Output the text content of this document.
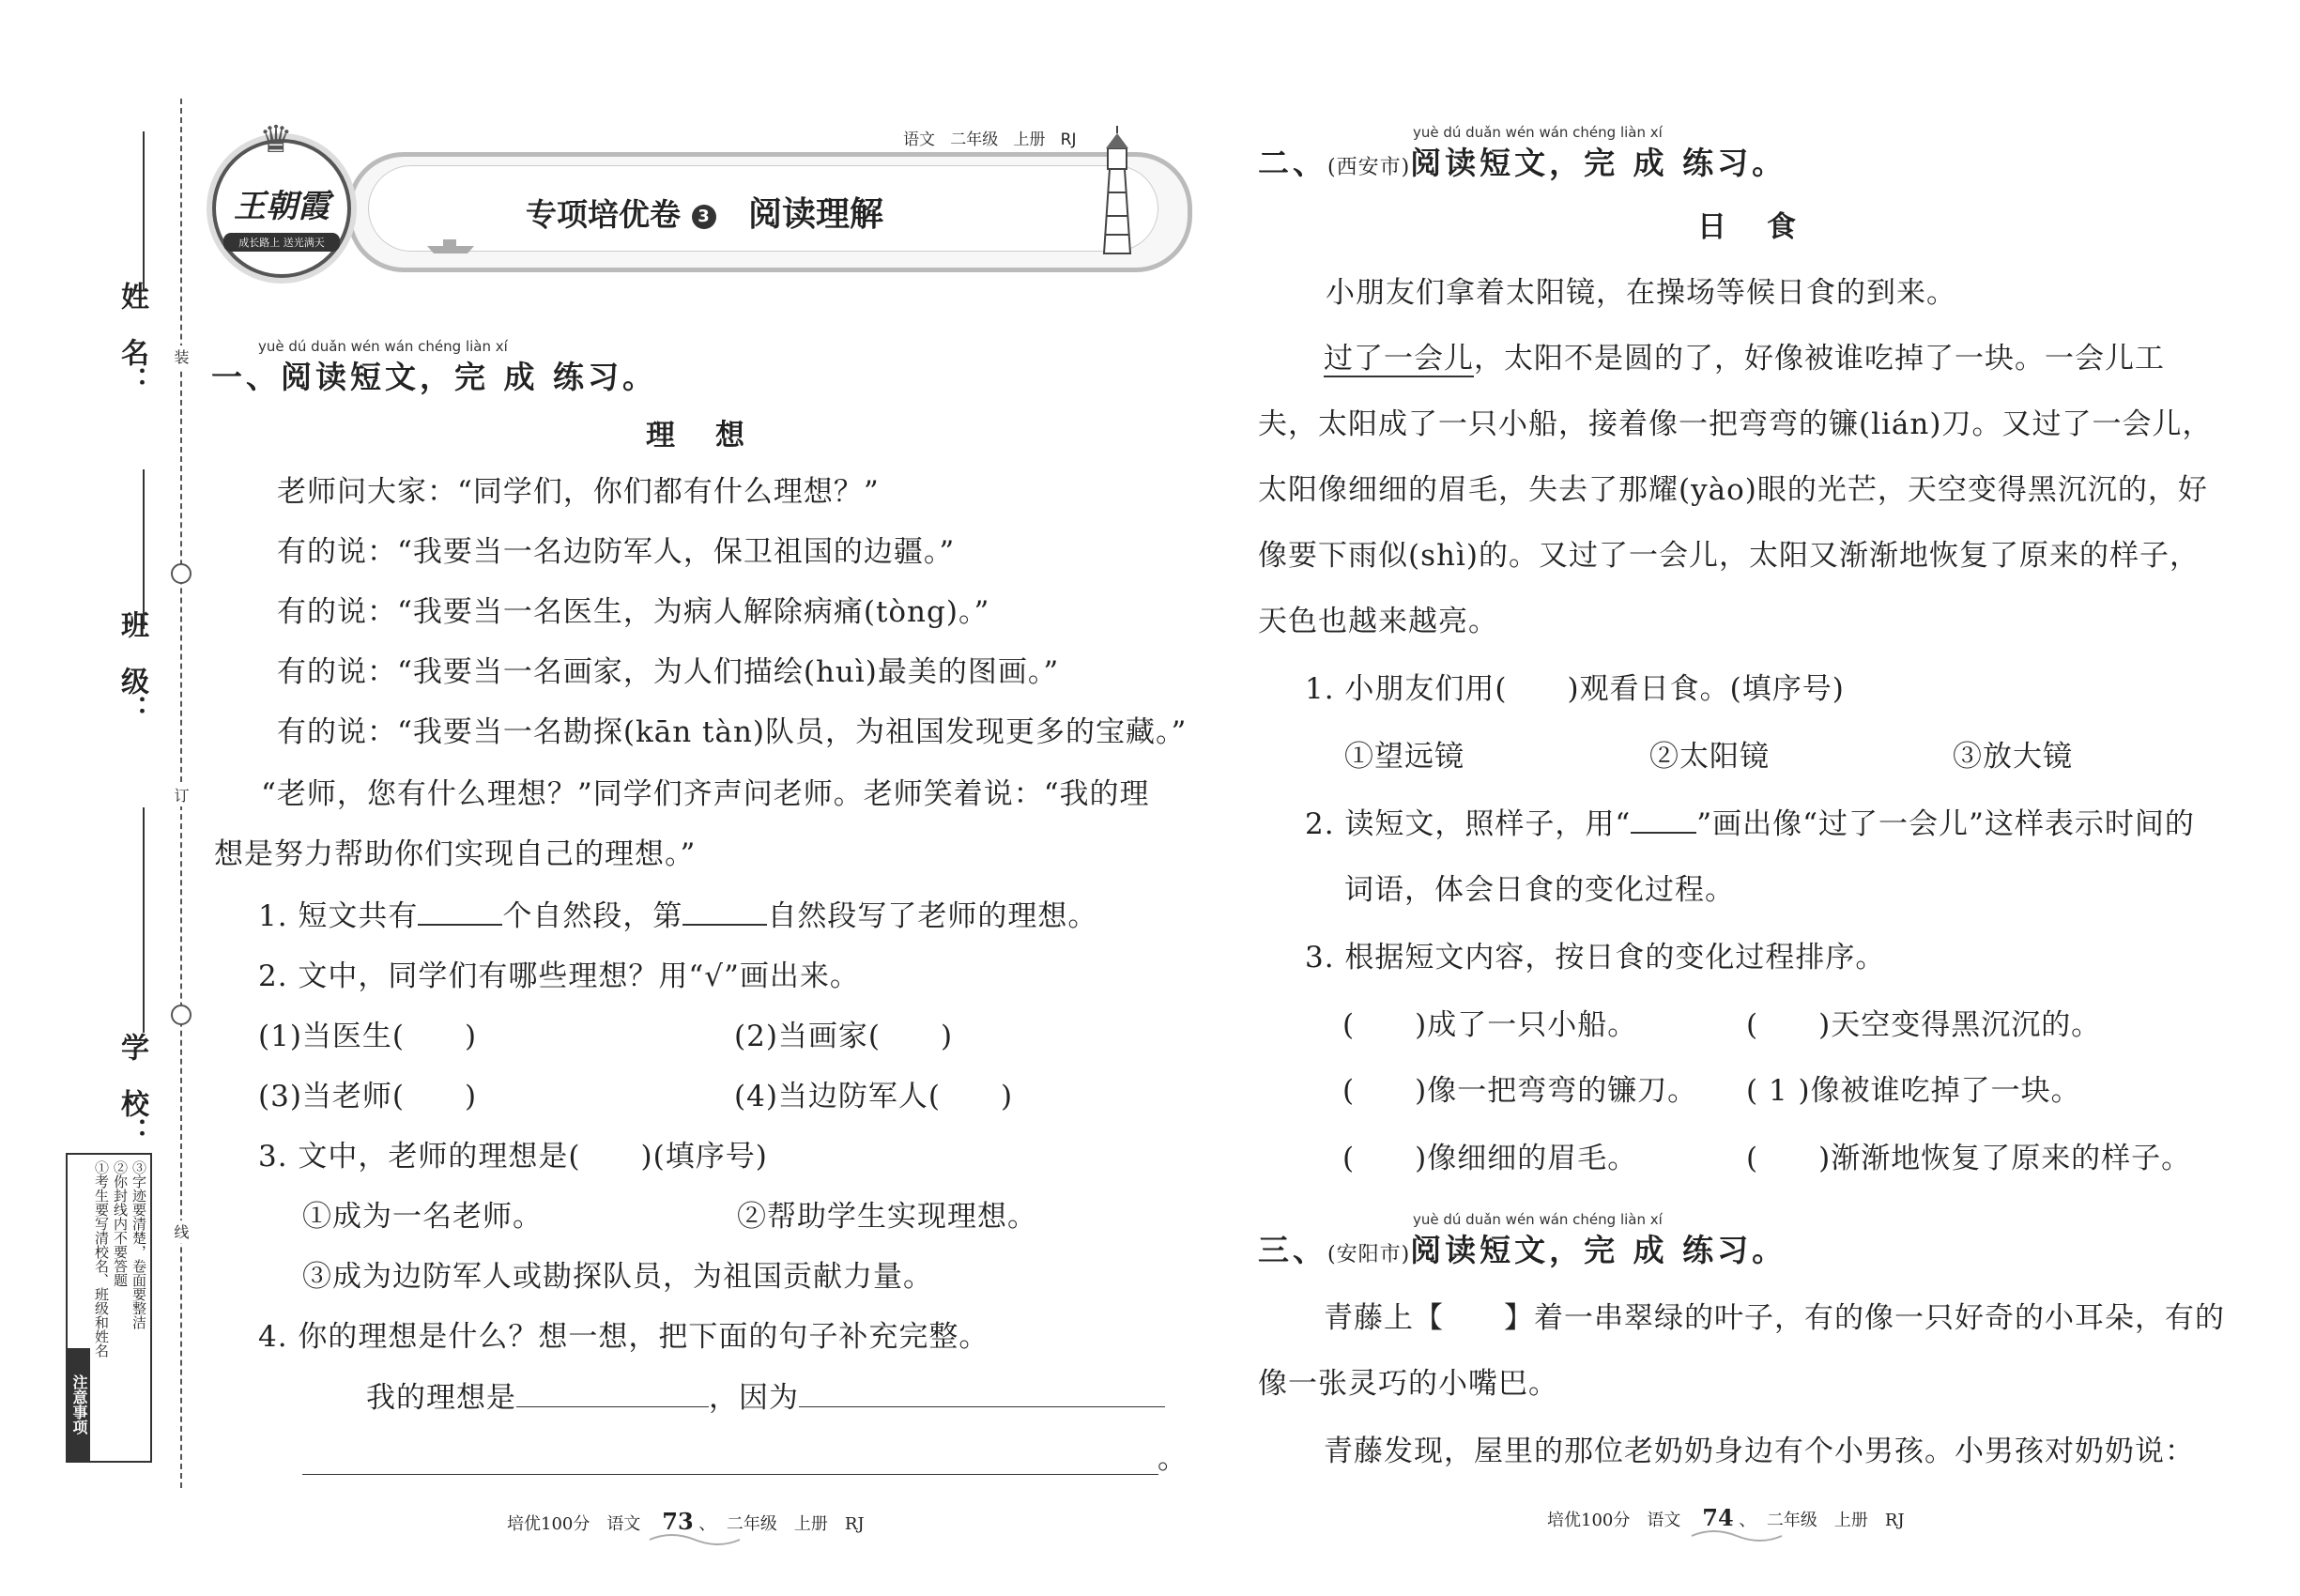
姓　名：
班　级：
学　校：
装
订
线
注意事项
①考生要写清校名、班级和姓名 ②你封线内不要答题 ③字迹要清楚，卷面要整洁
♛
王朝霞
成长路上 送光满天
语文 二年级 上册 RJ
专项培优卷 3 阅读理解
yuè dú duǎn wén wán chéng liàn xí
一、阅读短文，完 成 练习。
理　想
老师问大家：“同学们，你们都有什么理想？”
有的说：“我要当一名边防军人，保卫祖国的边疆。”
有的说：“我要当一名医生，为病人解除病痛(tòng)。”
有的说：“我要当一名画家，为人们描绘(huì)最美的图画。”
有的说：“我要当一名勘探(kān tàn)队员，为祖国发现更多的宝藏。”
“老师，您有什么理想？”同学们齐声问老师。老师笑着说：“我的理
想是努力帮助你们实现自己的理想。”
1. 短文共有	个自然段，第	自然段写了老师的理想。
2. 文中，同学们有哪些理想？用“√”画出来。
(1)当医生(　　)	(2)当画家(　　)
(3)当老师(　　)	(4)当边防军人(　　)
3. 文中，老师的理想是(　　)(填序号)
①成为一名老师。	②帮助学生实现理想。
③成为边防军人或勘探队员，为祖国贡献力量。
4. 你的理想是什么？想一想，把下面的句子补充完整。
我的理想是	，因为
。
培优100分　语文 73 、  二年级　上册　RJ
yuè dú duǎn wén wán chéng liàn xí
二、(西安市)阅读短文，完 成 练习。
日　食
小朋友们拿着太阳镜，在操场等候日食的到来。
过了一会儿，太阳不是圆的了，好像被谁吃掉了一块。一会儿工
夫，太阳成了一只小船，接着像一把弯弯的镰(lián)刀。又过了一会儿，
太阳像细细的眉毛，失去了那耀(yào)眼的光芒，天空变得黑沉沉的，好
像要下雨似(shì)的。又过了一会儿，太阳又渐渐地恢复了原来的样子，
天色也越来越亮。
1. 小朋友们用(　　)观看日食。(填序号)
①望远镜	②太阳镜	③放大镜
2. 读短文，照样子，用“ ”画出像“过了一会儿”这样表示时间的
词语，体会日食的变化过程。
3. 根据短文内容，按日食的变化过程排序。
(　　)成了一只小船。	(　　)天空变得黑沉沉的。
(　　)像一把弯弯的镰刀。 ( 1 )像被谁吃掉了一块。
(　　)像细细的眉毛。	(　　)渐渐地恢复了原来的样子。
yuè dú duǎn wén wán chéng liàn xí
三、(安阳市)阅读短文，完 成 练习。
青藤上【　　】着一串翠绿的叶子，有的像一只好奇的小耳朵，有的
像一张灵巧的小嘴巴。
青藤发现，屋里的那位老奶奶身边有个小男孩。小男孩对奶奶说：
培优100分　语文 74 、  二年级　上册　RJ
